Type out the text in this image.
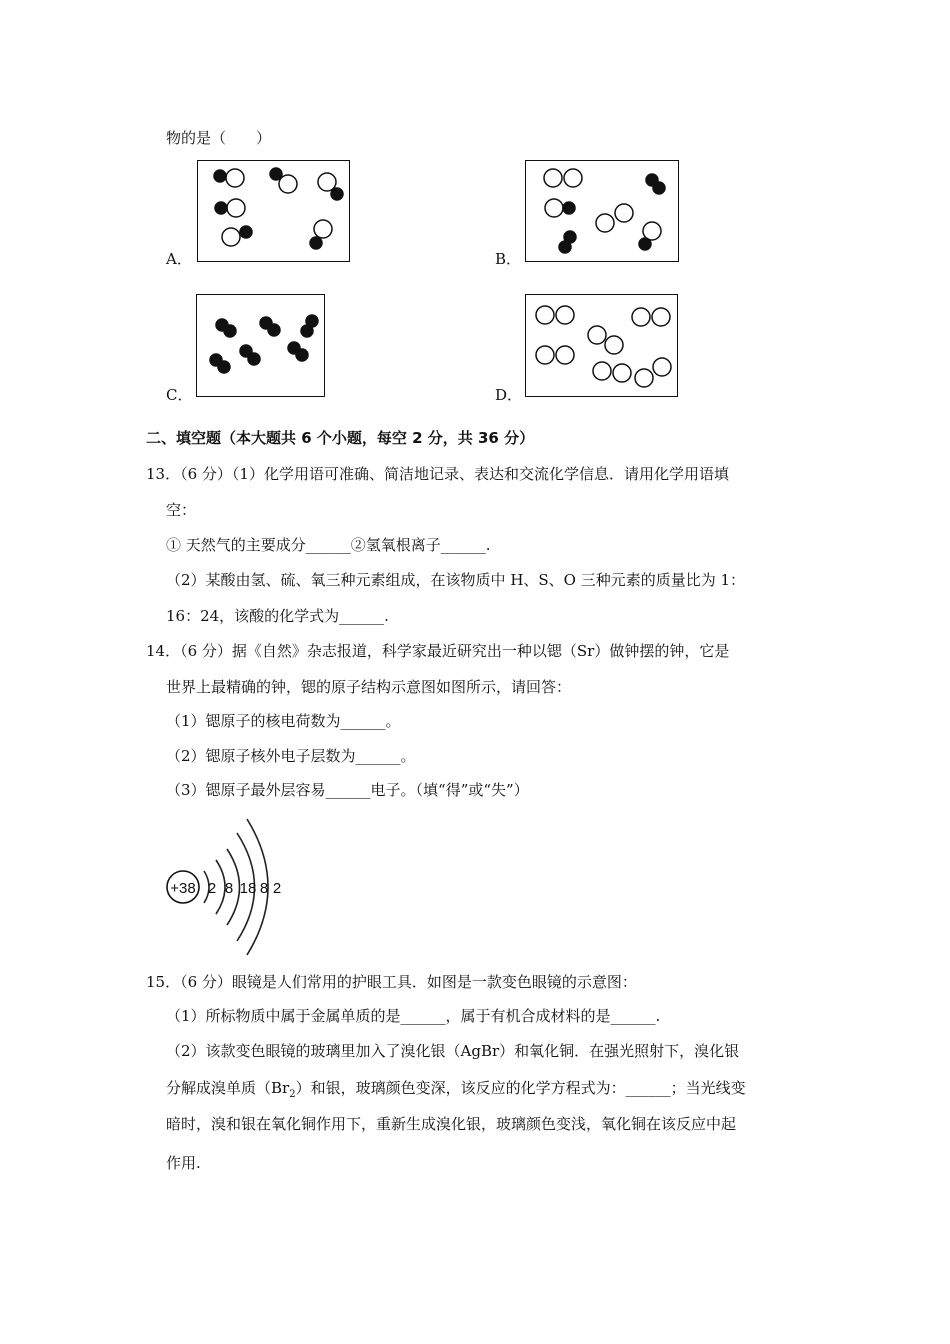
物的是（　　）
A．	B．
C．	D．
二、填空题（本大题共 6 个小题，每空 2 分，共 36 分）
13．（6 分）（1）化学用语可准确、简洁地记录、表达和交流化学信息．请用化学用语填
空：
① 天然气的主要成分______②氢氧根离子______.
（2）某酸由氢、硫、氧三种元素组成，在该物质中 H、S、O 三种元素的质量比为 1：
16：24，该酸的化学式为______.
14．（6 分）据《自然》杂志报道，科学家最近研究出一种以锶（Sr）做钟摆的钟，它是
世界上最精确的钟，锶的原子结构示意图如图所示，请回答：
（1）锶原子的核电荷数为______。
（2）锶原子核外电子层数为______。
（3）锶原子最外层容易______电子。（填“得”或“失”）
+38 2 8 18 8 2
15．（6 分）眼镜是人们常用的护眼工具．如图是一款变色眼镜的示意图：
（1）所标物质中属于金属单质的是______，属于有机合成材料的是______.
（2）该款变色眼镜的玻璃里加入了溴化银（AgBr）和氧化铜．在强光照射下，溴化银
分解成溴单质$(Br_2)$和银，玻璃颜色变深，该反应的化学方程式为：______；当光线变
暗时，溴和银在氧化铜作用下，重新生成溴化银，玻璃颜色变浅，氧化铜在该反应中起
作用.
